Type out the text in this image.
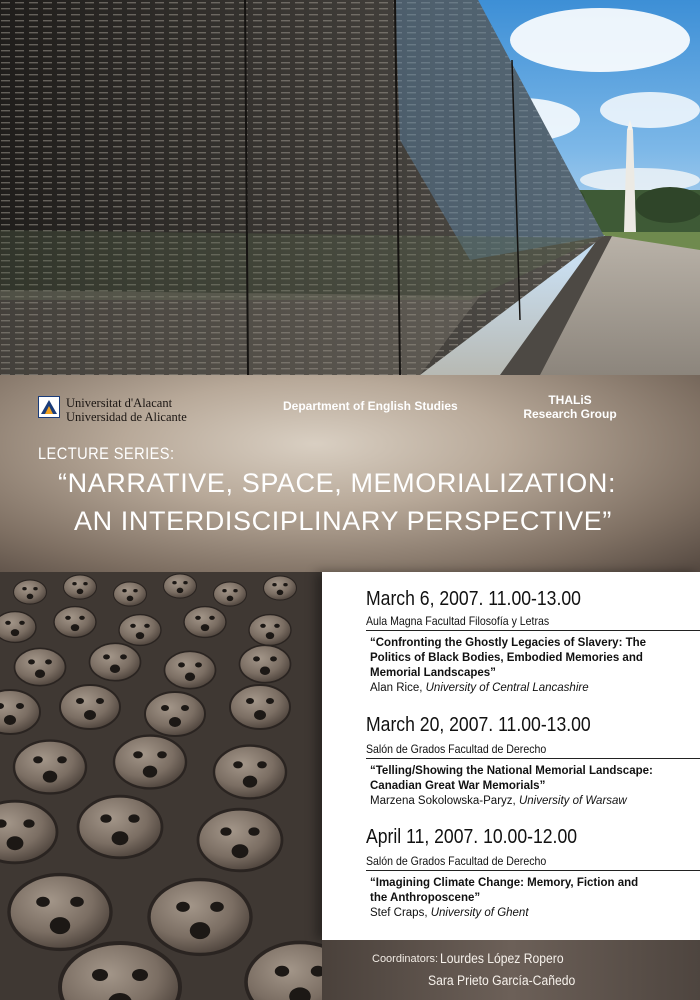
Universitat d'Alacant
Universidad de Alicante
Department of English Studies	THALiS
Research Group
LECTURE SERIES:
“NARRATIVE, SPACE, MEMORIALIZATION:
AN INTERDISCIPLINARY PERSPECTIVE”
March 6, 2007. 11.00-13.00
Aula Magna Facultad Filosofía y Letras
“Confronting the Ghostly Legacies of Slavery: The
Politics of Black Bodies, Embodied Memories and
Memorial Landscapes”
Alan Rice, University of Central Lancashire
March 20, 2007. 11.00-13.00
Salón de Grados Facultad de Derecho
“Telling/Showing the National Memorial Landscape:
Canadian Great War Memorials”
Marzena Sokolowska-Paryz, University of Warsaw
April 11, 2007. 10.00-12.00
Salón de Grados Facultad de Derecho
“Imagining Climate Change: Memory, Fiction and
the Anthroposcene”
Stef Craps, University of Ghent
Coordinators: Lourdes López Ropero
Sara Prieto García-Cañedo
